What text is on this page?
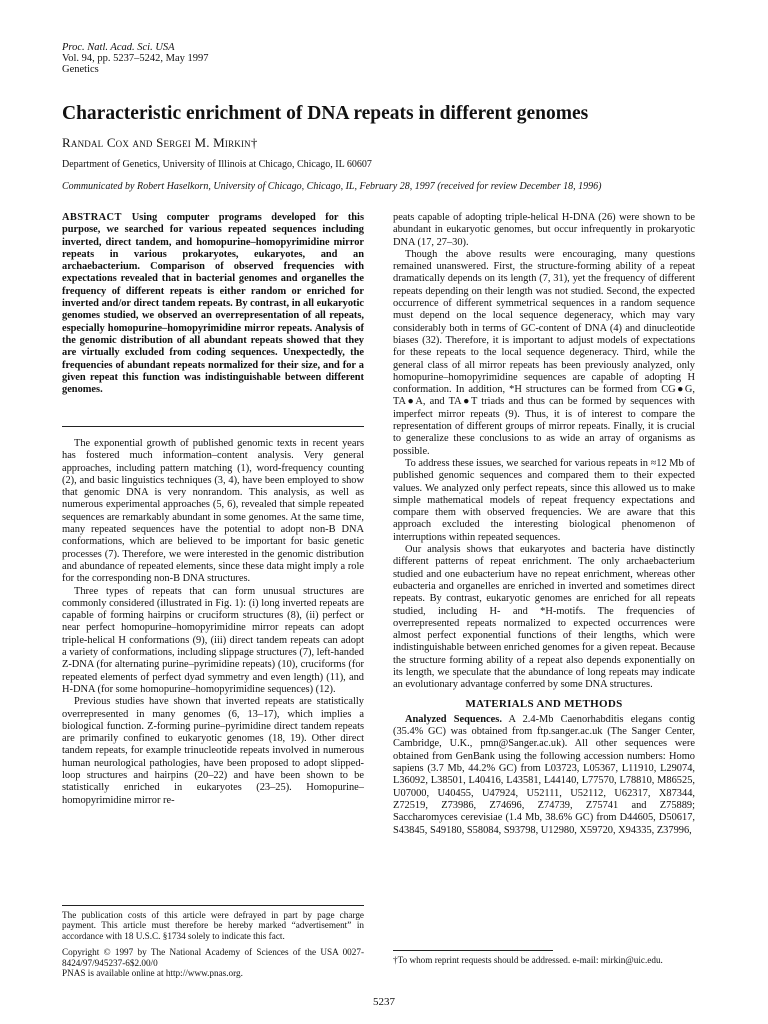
Proc. Natl. Acad. Sci. USA
Vol. 94, pp. 5237–5242, May 1997
Genetics
Characteristic enrichment of DNA repeats in different genomes
Randal Cox and Sergei M. Mirkin†
Department of Genetics, University of Illinois at Chicago, Chicago, IL 60607
Communicated by Robert Haselkorn, University of Chicago, Chicago, IL, February 28, 1997 (received for review December 18, 1996)
ABSTRACT Using computer programs developed for this purpose, we searched for various repeated sequences including inverted, direct tandem, and homopurine–homopyrimidine mirror repeats in various prokaryotes, eukaryotes, and an archaebacterium. Comparison of observed frequencies with expectations revealed that in bacterial genomes and organelles the frequency of different repeats is either random or enriched for inverted and/or direct tandem repeats. By contrast, in all eukaryotic genomes studied, we observed an overrepresentation of all repeats, especially homopurine–homopyrimidine mirror repeats. Analysis of the genomic distribution of all abundant repeats showed that they are virtually excluded from coding sequences. Unexpectedly, the frequencies of abundant repeats normalized for their size, and for a given repeat this function was indistinguishable between different genomes.

The exponential growth of published genomic texts in recent years has fostered much information–content analysis. Very general approaches, including pattern matching (1), word-frequency counting (2), and basic linguistics techniques (3, 4), have been employed to show that genomic DNA is very nonrandom. This analysis, as well as numerous experimental approaches (5, 6), revealed that simple repeated sequences are remarkably abundant in some genomes. At the same time, many repeated sequences have the potential to adopt non-B DNA conformations, which are believed to be important for basic genetic processes (7). Therefore, we were interested in the genomic distribution and abundance of repeated elements, since these data might imply a role for the corresponding non-B DNA structures.

Three types of repeats that can form unusual structures are commonly considered (illustrated in Fig. 1): (i) long inverted repeats are capable of forming hairpins or cruciform structures (8), (ii) perfect or near perfect homopurine–homopyrimidine mirror repeats can adopt triple-helical H conformations (9), (iii) direct tandem repeats can adopt a variety of conformations, including slippage structures (7), left-handed Z-DNA (for alternating purine–pyrimidine repeats) (10), cruciforms (for repeated elements of perfect dyad symmetry and even length) (11), and H-DNA (for some homopurine–homopyrimidine sequences) (12).

Previous studies have shown that inverted repeats are statistically overrepresented in many genomes (6, 13–17), which implies a biological function. Z-forming purine–pyrimidine direct tandem repeats are primarily confined to eukaryotic genomes (18, 19). Other direct tandem repeats, for example trinucleotide repeats involved in numerous human neurological pathologies, have been proposed to adopt slipped-loop structures and hairpins (20–22) and have been shown to be statistically enriched in eukaryotes (23–25). Homopurine–homopyrimidine mirror re-

peats capable of adopting triple-helical H-DNA (26) were shown to be abundant in eukaryotic genomes, but occur infrequently in prokaryotic DNA (17, 27–30).

Though the above results were encouraging, many questions remained unanswered. First, the structure-forming ability of a repeat dramatically depends on its length (7, 31), yet the frequency of different repeats depending on their length was not studied. Second, the expected occurrence of different symmetrical sequences in a random sequence must depend on the local sequence degeneracy, which may vary considerably both in terms of GC-content of DNA (4) and dinucleotide biases (32). Therefore, it is important to adjust models of expectations for these repeats to the local sequence degeneracy. Third, while the general class of all mirror repeats has been previously analyzed, only homopurine–homopyrimidine sequences are capable of adopting H conformation. In addition, *H structures can be formed from CG●G, TA●A, and TA●T triads and thus can be formed by sequences with imperfect mirror repeats (9). Thus, it is of interest to compare the representation of different groups of mirror repeats. Finally, it is crucial to generalize these conclusions to as wide an array of organisms as possible.

To address these issues, we searched for various repeats in ≈12 Mb of published genomic sequences and compared them to their expected values. We analyzed only perfect repeats, since this allowed us to make simple mathematical models of repeat frequency expectations and compare them with observed frequencies. We are aware that this approach excluded the interesting biological phenomenon of interruptions within repeated sequences.

Our analysis shows that eukaryotes and bacteria have distinctly different patterns of repeat enrichment. The only archaebacterium studied and one eubacterium have no repeat enrichment, whereas other eubacteria and organelles are enriched in inverted and sometimes direct repeats. By contrast, eukaryotic genomes are enriched for all repeats studied, including H- and *H-motifs. The frequencies of overrepresented repeats normalized to expected occurrences were almost perfect exponential functions of their lengths, which were indistinguishable between enriched genomes for a given repeat. Because the structure forming ability of a repeat also depends exponentially on its length, we speculate that the abundance of long repeats may indicate an evolutionary advantage conferred by some DNA structures.

MATERIALS AND METHODS

Analyzed Sequences. A 2.4-Mb Caenorhabditis elegans contig (35.4% GC) was obtained from ftp.sanger.ac.uk (The Sanger Center, Cambridge, U.K., pmn@Sanger.ac.uk). All other sequences were obtained from GenBank using the following accession numbers: Homo sapiens (3.7 Mb, 44.2% GC) from L03723, L05367, L11910, L29074, L36092, L38501, L40416, L43581, L44140, L77570, L78810, M86525, U07000, U40455, U47924, U52111, U52112, U62317, X87344, Z72519, Z73986, Z74696, Z74739, Z75741 and Z75889; Saccharomyces cerevisiae (1.4 Mb, 38.6% GC) from D44605, D50617, S43845, S49180, S58084, S93798, U12980, X59720, X94335, Z37996,

The publication costs of this article were defrayed in part by page charge payment. This article must therefore be hereby marked “advertisement” in accordance with 18 U.S.C. §1734 solely to indicate this fact.

Copyright © 1997 by The National Academy of Sciences of the USA 0027-8424/97/945237-6$2.00/0

PNAS is available online at http://www.pnas.org.

†To whom reprint requests should be addressed. e-mail: mirkin@uic.edu.
5237
